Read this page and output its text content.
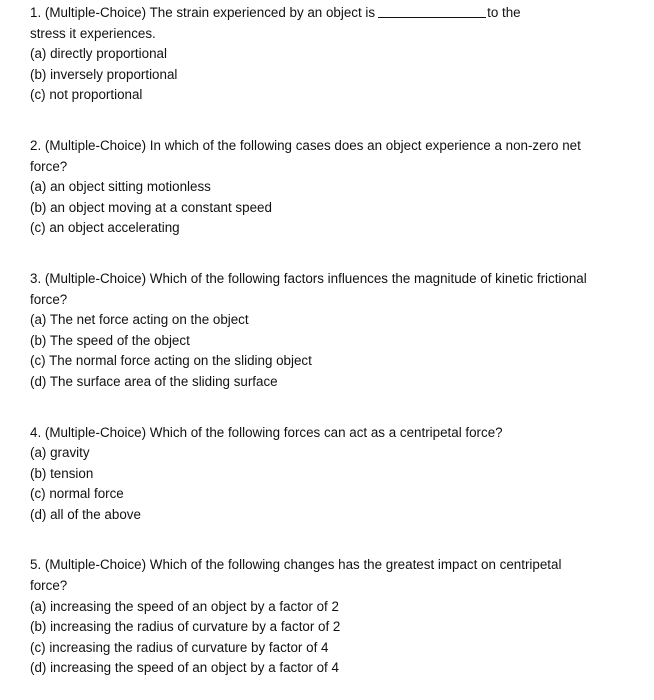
1. (Multiple-Choice) The strain experienced by an object is	to the
stress it experiences.
(a) directly proportional
(b) inversely proportional
(c) not proportional
2. (Multiple-Choice) In which of the following cases does an object experience a non-zero net
force?
(a) an object sitting motionless
(b) an object moving at a constant speed
(c) an object accelerating
3. (Multiple-Choice) Which of the following factors influences the magnitude of kinetic frictional
force?
(a) The net force acting on the object
(b) The speed of the object
(c) The normal force acting on the sliding object
(d) The surface area of the sliding surface
4. (Multiple-Choice) Which of the following forces can act as a centripetal force?
(a) gravity
(b) tension
(c) normal force
(d) all of the above
5. (Multiple-Choice) Which of the following changes has the greatest impact on centripetal
force?
(a) increasing the speed of an object by a factor of 2
(b) increasing the radius of curvature by a factor of 2
(c) increasing the radius of curvature by factor of 4
(d) increasing the speed of an object by a factor of 4
